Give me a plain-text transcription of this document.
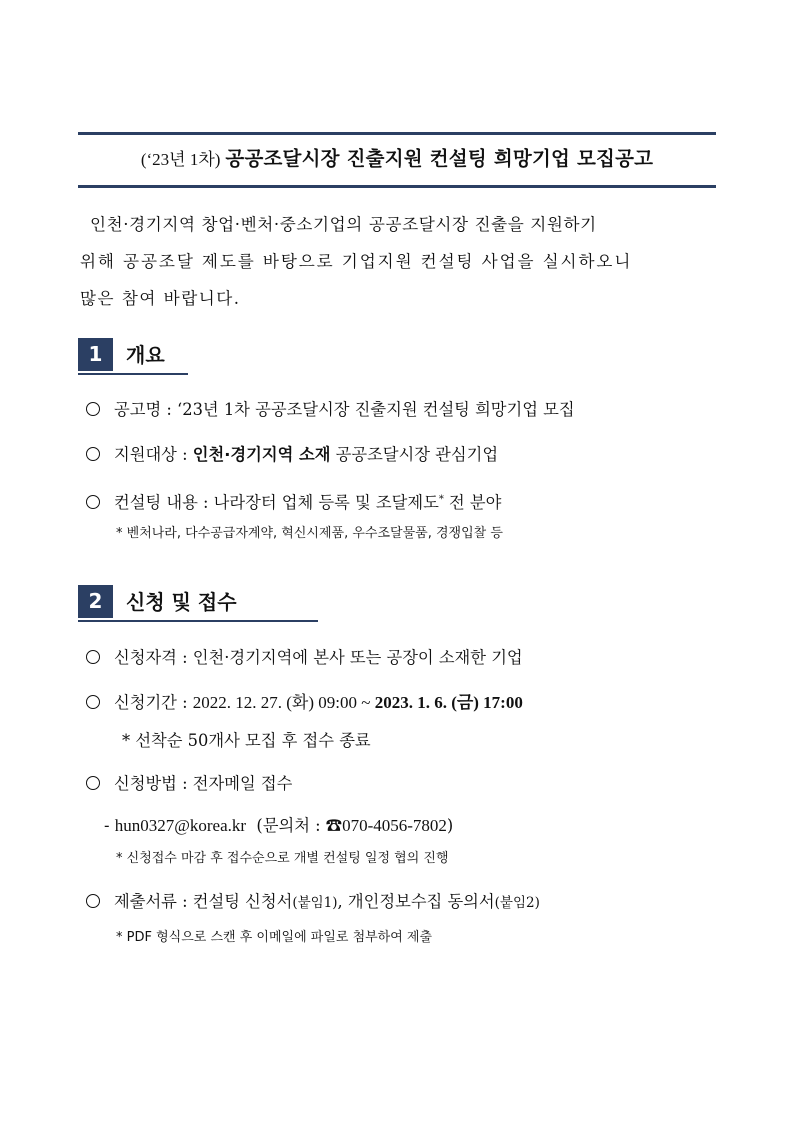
(‘23년 1차) 공공조달시장 진출지원 컨설팅 희망기업 모집공고
인천·경기지역 창업·벤처·중소기업의 공공조달시장 진출을 지원하기
위해 공공조달 제도를 바탕으로 기업지원 컨설팅 사업을 실시하오니
많은 참여 바랍니다.
1	개요
공고명 : ‘23년 1차 공공조달시장 진출지원 컨설팅 희망기업 모집
지원대상 : 인천·경기지역 소재 공공조달시장 관심기업
컨설팅 내용 : 나라장터 업체 등록 및 조달제도* 전 분야
* 벤처나라, 다수공급자계약, 혁신시제품, 우수조달물품, 경쟁입찰 등
2	신청 및 접수
신청자격 : 인천·경기지역에 본사 또는 공장이 소재한 기업
신청기간 : 2022. 12. 27. (화) 09:00 ~ 2023. 1. 6. (금) 17:00
* 선착순 50개사 모집 후 접수 종료
신청방법 : 전자메일 접수
- hun0327@korea.kr (문의처 : ☎070-4056-7802)
* 신청접수 마감 후 접수순으로 개별 컨설팅 일정 협의 진행
제출서류 : 컨설팅 신청서(붙임1), 개인정보수집 동의서(붙임2)
* PDF 형식으로 스캔 후 이메일에 파일로 첨부하여 제출
